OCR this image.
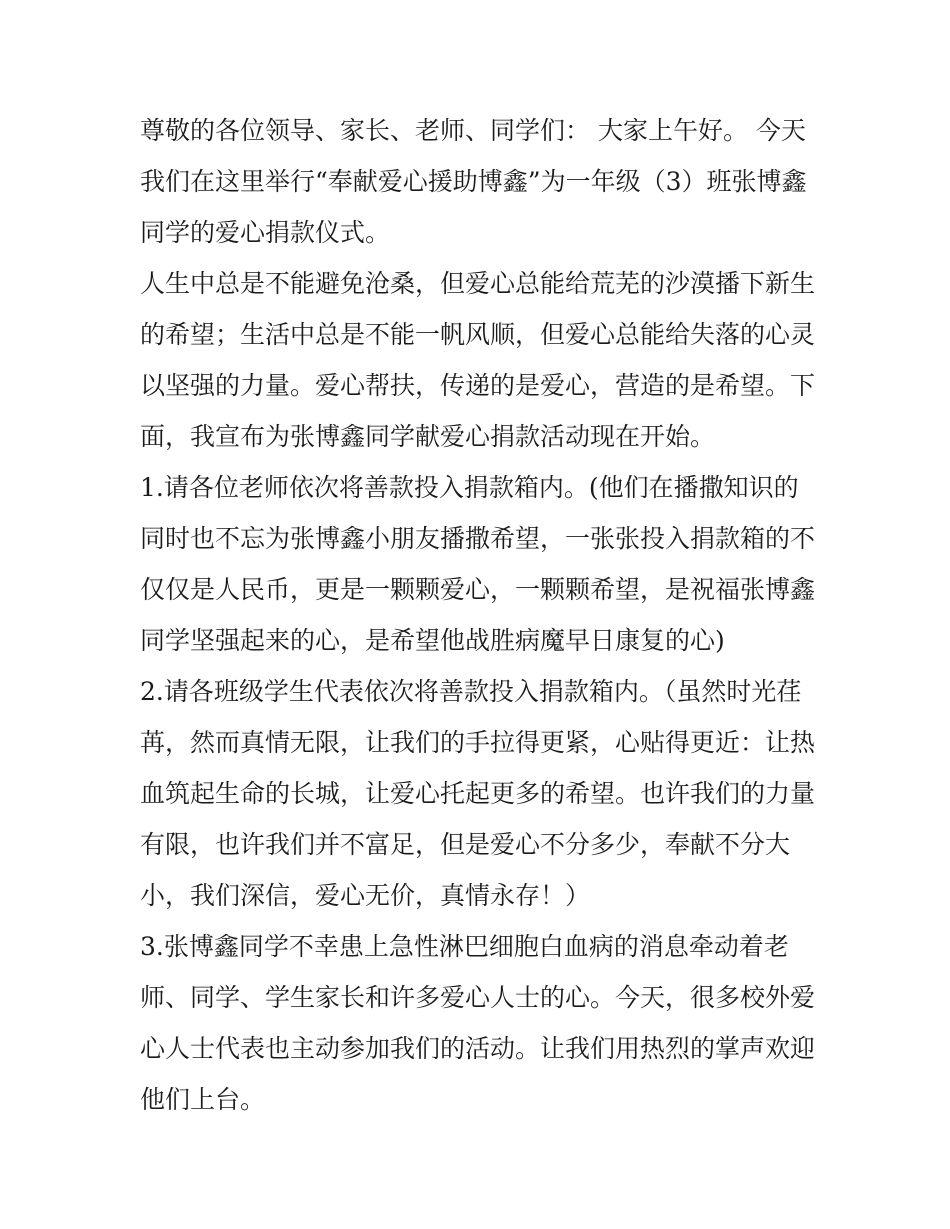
尊敬的各位领导、家长、老师、同学们： 大家上午好。 今天我们在这里举行“奉献爱心援助博鑫”为一年级（3）班张博鑫同学的爱心捐款仪式。

人生中总是不能避免沧桑，但爱心总能给荒芜的沙漠播下新生的希望；生活中总是不能一帆风顺，但爱心总能给失落的心灵以坚强的力量。爱心帮扶，传递的是爱心，营造的是希望。下面，我宣布为张博鑫同学献爱心捐款活动现在开始。

1.请各位老师依次将善款投入捐款箱内。(他们在播撒知识的同时也不忘为张博鑫小朋友播撒希望，一张张投入捐款箱的不仅仅是人民币，更是一颗颗爱心，一颗颗希望，是祝福张博鑫同学坚强起来的心，是希望他战胜病魔早日康复的心)

2.请各班级学生代表依次将善款投入捐款箱内。（虽然时光荏苒，然而真情无限，让我们的手拉得更紧，心贴得更近：让热血筑起生命的长城，让爱心托起更多的希望。也许我们的力量有限，也许我们并不富足，但是爱心不分多少，奉献不分大小，我们深信，爱心无价，真情永存！）

3.张博鑫同学不幸患上急性淋巴细胞白血病的消息牵动着老师、同学、学生家长和许多爱心人士的心。今天，很多校外爱心人士代表也主动参加我们的活动。让我们用热烈的掌声欢迎他们上台。
